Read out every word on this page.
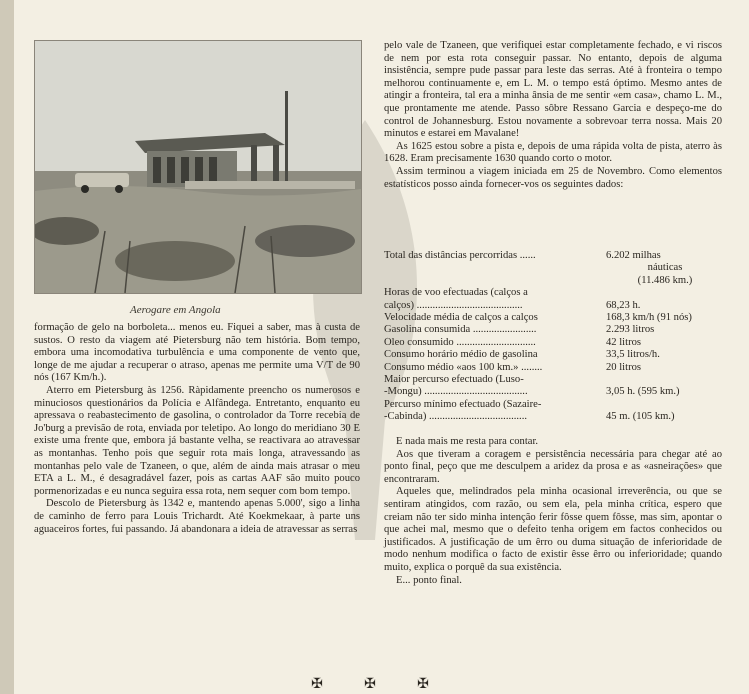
Aerogare em Angola

formação de gelo na borboleta... menos eu. Fiquei a saber, mas à custa de sustos. O resto da viagem até Pietersburg não tem história. Bom tempo, embora uma incomodativa turbulência e uma componente de vento que, longe de me ajudar a recuperar o atraso, apenas me permite uma V/T de 90 nós (167 Km/h.).

Aterro em Pietersburg às 1256. Ràpidamente preencho os numerosos e minuciosos questionários da Polícia e Alfândega. Entretanto, enquanto eu apressava o reabastecimento de gasolina, o controlador da Torre recebia de Jo'burg a previsão de rota, enviada por teletipo. Ao longo do meridiano 30 E existe uma frente que, embora já bastante velha, se reactivara ao atravessar as montanhas. Tenho pois que seguir rota mais longa, atravessando as montanhas pelo vale de Tzaneen, o que, além de ainda mais atrasar o meu ETA a L. M., é desagradável fazer, pois as cartas AAF são muito pouco pormenorizadas e eu nunca seguira essa rota, nem sequer com bom tempo.

Descolo de Pietersburg às 1342 e, mantendo apenas 5.000', sigo a linha de caminho de ferro para Louis Trichardt. Até Koekmekaar, à parte uns aguaceiros fortes, fui passando. Já abandonara a ideia de atravessar as serras

pelo vale de Tzaneen, que verifiquei estar completamente fechado, e vi riscos de nem por esta rota conseguir passar. No entanto, depois de alguma insistência, sempre pude passar para leste das serras. Até à fronteira o tempo melhorou continuamente e, em L. M. o tempo está óptimo. Mesmo antes de atingir a fronteira, tal era a minha ânsia de me sentir «em casa», chamo L. M., que prontamente me atende. Passo sôbre Ressano Garcia e despeço-me do control de Johannesburg. Estou novamente a sobrevoar terra nossa. Mais 20 minutos e estarei em Mavalane!

As 1625 estou sobre a pista e, depois de uma rápida volta de pista, aterro às 1628. Eram precisamente 1630 quando corto o motor.

Assim terminou a viagem iniciada em 25 de Novembro. Como elementos estatísticos posso ainda fornecer-vos os seguintes dados:

Total das distâncias percorridas ......	6.202 milhas
náuticas
(11.486 km.)
Horas de voo efectuadas (calços a
calços) ........................................	68,23 h.
Velocidade média de calços a calços	168,3 km/h (91 nós)
Gasolina consumida ........................	2.293 litros
Óleo consumido ..............................	42 litros
Consumo horário médio de gasolina	33,5 litros/h.
Consumo médio «aos 100 km.» ........	20 litros
Maior percurso efectuado (Luso-
-Mongu) .......................................	3,05 h. (595 km.)
Percurso mínimo efectuado (Sazaire-
-Cabinda) .....................................	45 m. (105 km.)

E nada mais me resta para contar.

Aos que tiveram a coragem e persistência necessária para chegar até ao ponto final, peço que me desculpem a aridez da prosa e as «asneirações» que encontraram.

Aqueles que, melindrados pela minha ocasional irreverência, ou que se sentiram atingidos, com razão, ou sem ela, pela minha crítica, espero que creiam não ter sido minha intenção ferir fôsse quem fôsse, mas sim, apontar o que achei mal, mesmo que o defeito tenha origem em factos conhecidos ou justificados. A justificação de um êrro ou duma situação de inferioridade de modo nenhum modifica o facto de existir êsse êrro ou inferioridade; quando muito, explica o porquê da sua existência.

E... ponto final.

✠	✠	✠
